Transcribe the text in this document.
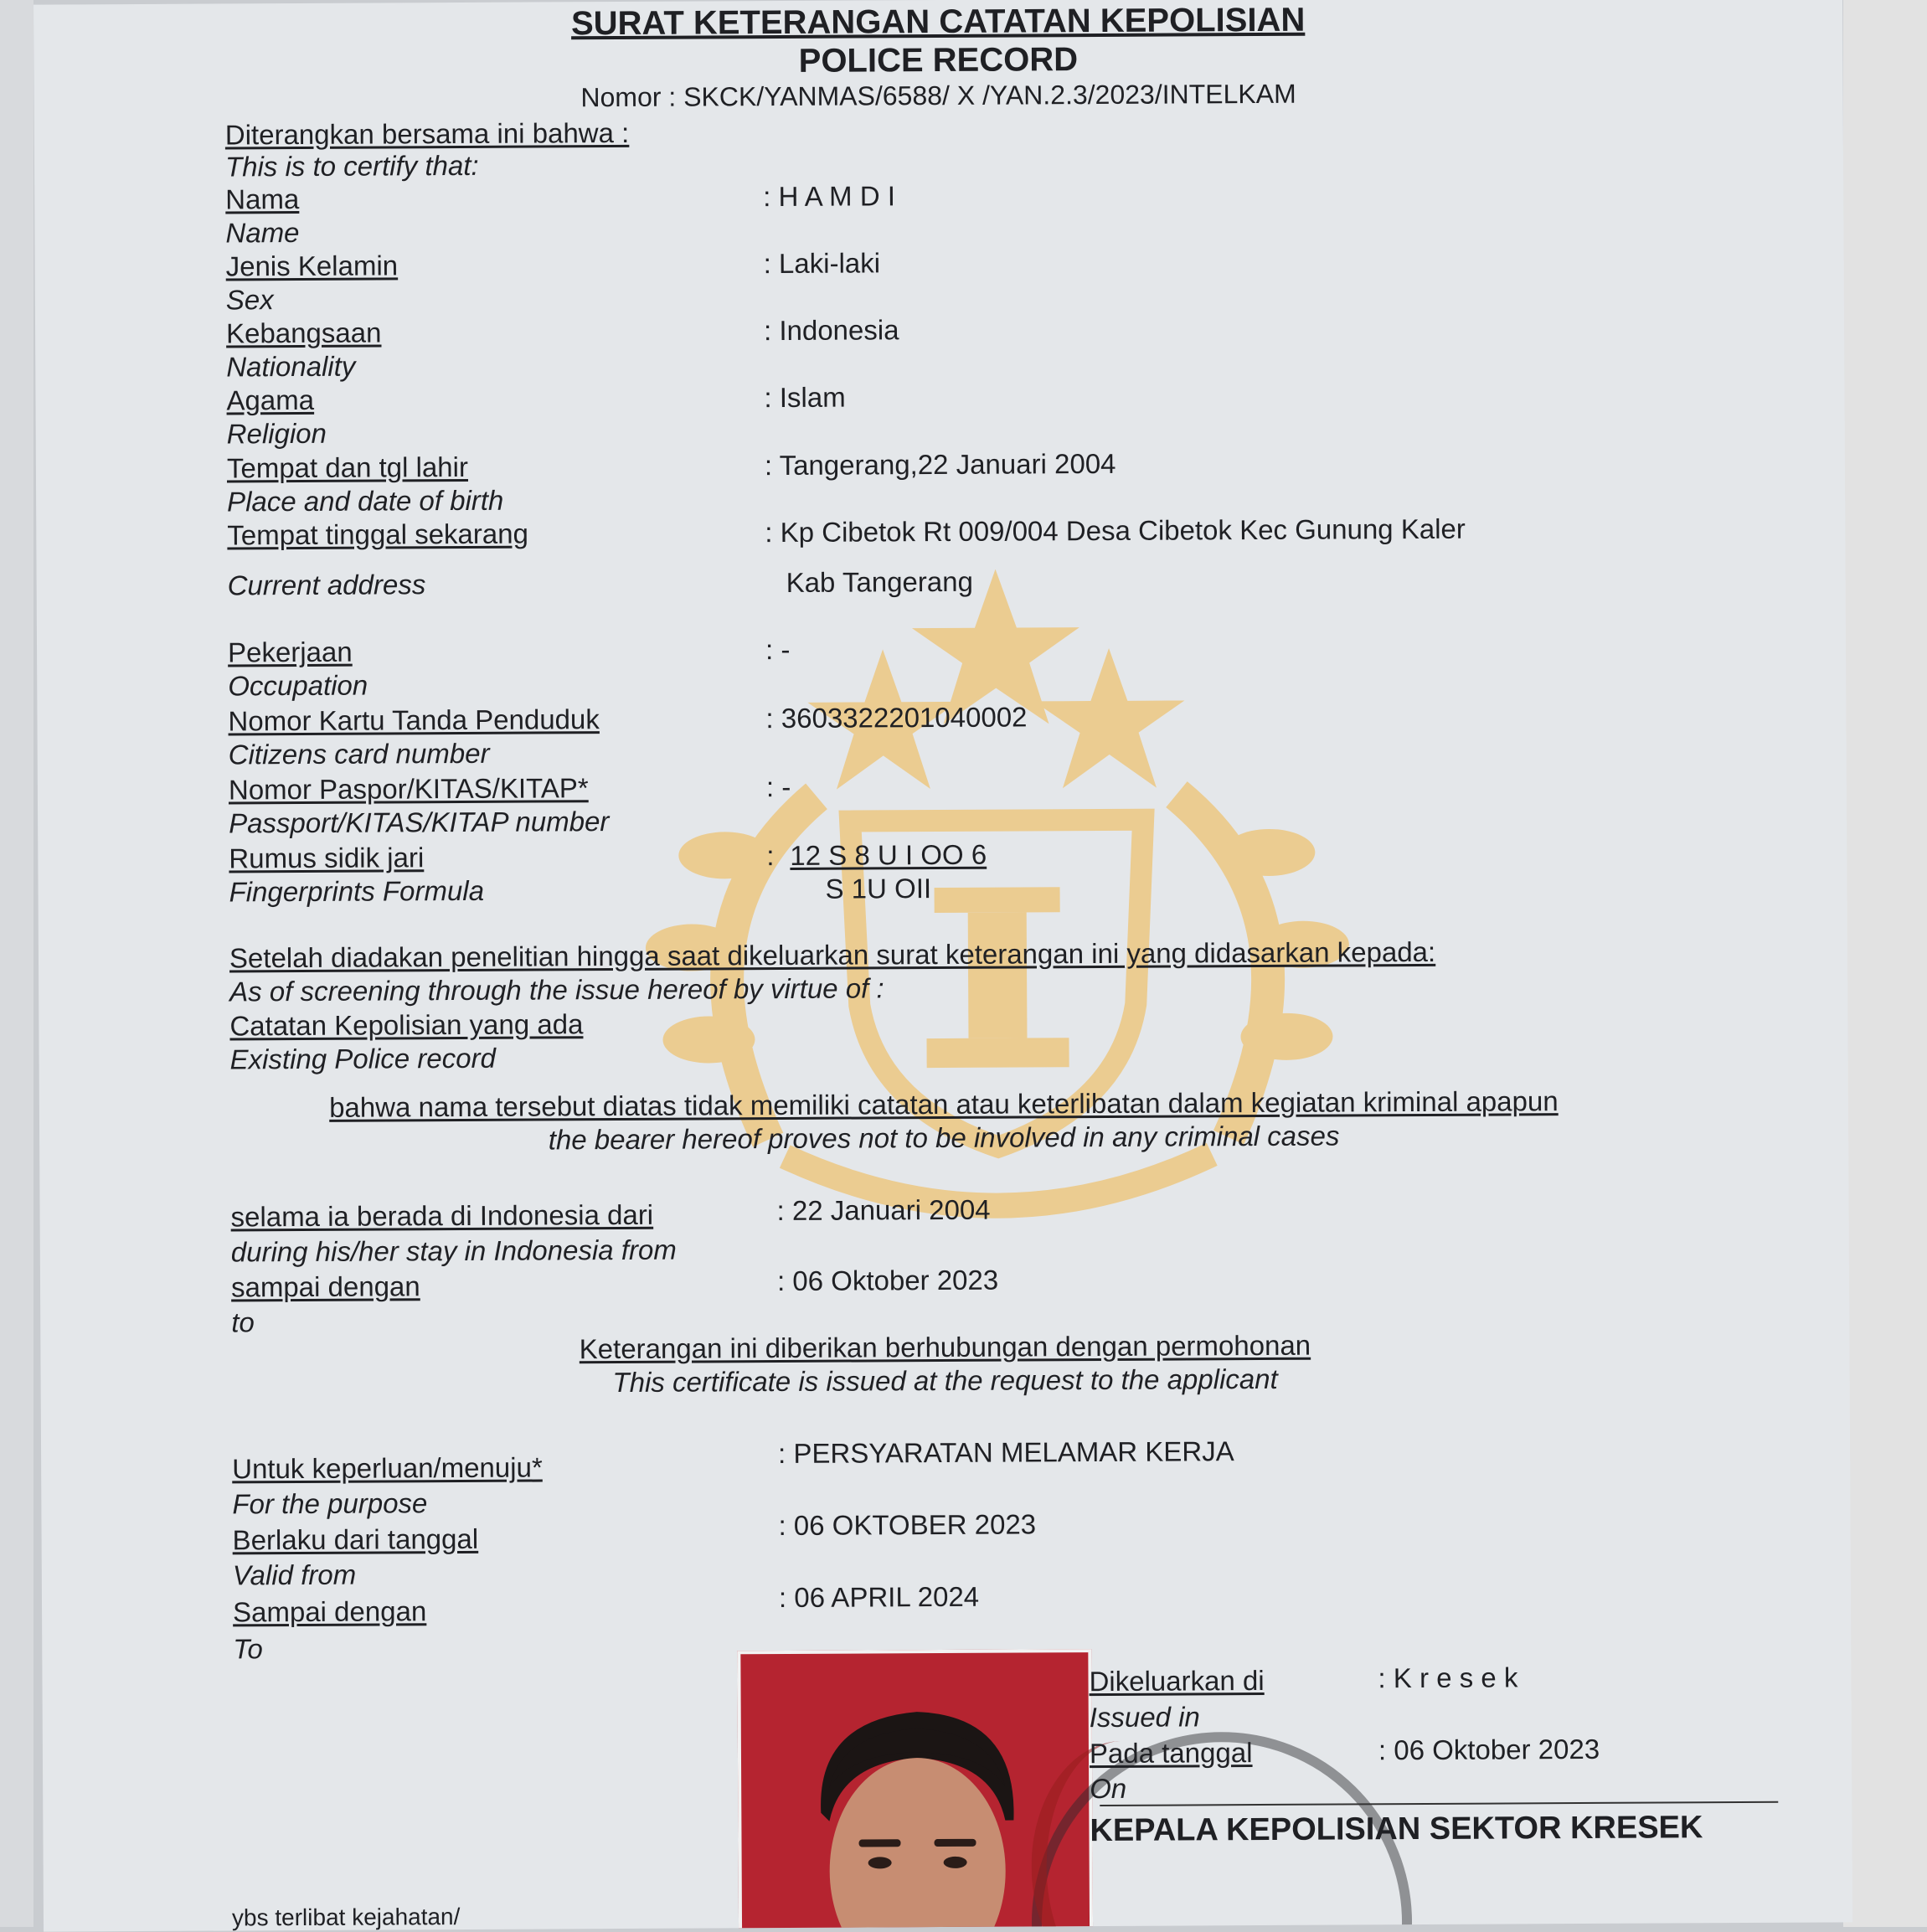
SURAT KETERANGAN CATATAN KEPOLISIAN
POLICE RECORD
Nomor : SKCK/YANMAS/6588/ X /YAN.2.3/2023/INTELKAM
Diterangkan bersama ini bahwa :
This is to certify that:
Nama
Name
: H A M D I
Jenis Kelamin
Sex
: Laki-laki
Kebangsaan
Nationality
: Indonesia
Agama
Religion
: Islam
Tempat dan tgl lahir
Place and date of birth
: Tangerang,22 Januari 2004
Tempat tinggal sekarang
Current address
: Kp Cibetok Rt 009/004 Desa Cibetok Kec Gunung Kaler
Kab Tangerang
Pekerjaan
Occupation
: -
Nomor Kartu Tanda Penduduk
Citizens card number
: 3603322201040002
Nomor Paspor/KITAS/KITAP*
Passport/KITAS/KITAP number
: -
Rumus sidik jari
Fingerprints Formula
: 12 S 8 U I OO 6
S 1U OII
Setelah diadakan penelitian hingga saat dikeluarkan surat keterangan ini yang didasarkan kepada:
As of screening through the issue hereof by virtue of :
Catatan Kepolisian yang ada
Existing Police record
bahwa nama tersebut diatas tidak memiliki catatan atau keterlibatan dalam kegiatan kriminal apapun
the bearer hereof proves not to be involved in any criminal cases
selama ia berada di Indonesia dari
during his/her stay in Indonesia from
: 22 Januari 2004
sampai dengan
to
: 06 Oktober 2023
Keterangan ini diberikan berhubungan dengan permohonan
This certificate is issued at the request to the applicant
Untuk keperluan/menuju*
For the purpose
: PERSYARATAN MELAMAR KERJA
Berlaku dari tanggal
Valid from
: 06 OKTOBER 2023
Sampai dengan
To
: 06 APRIL 2024
Dikeluarkan di
Issued in
: K r e s e k
Pada tanggal
On
: 06 Oktober 2023
KEPALA KEPOLISIAN SEKTOR KRESEK
ybs terlibat kejahatan/
